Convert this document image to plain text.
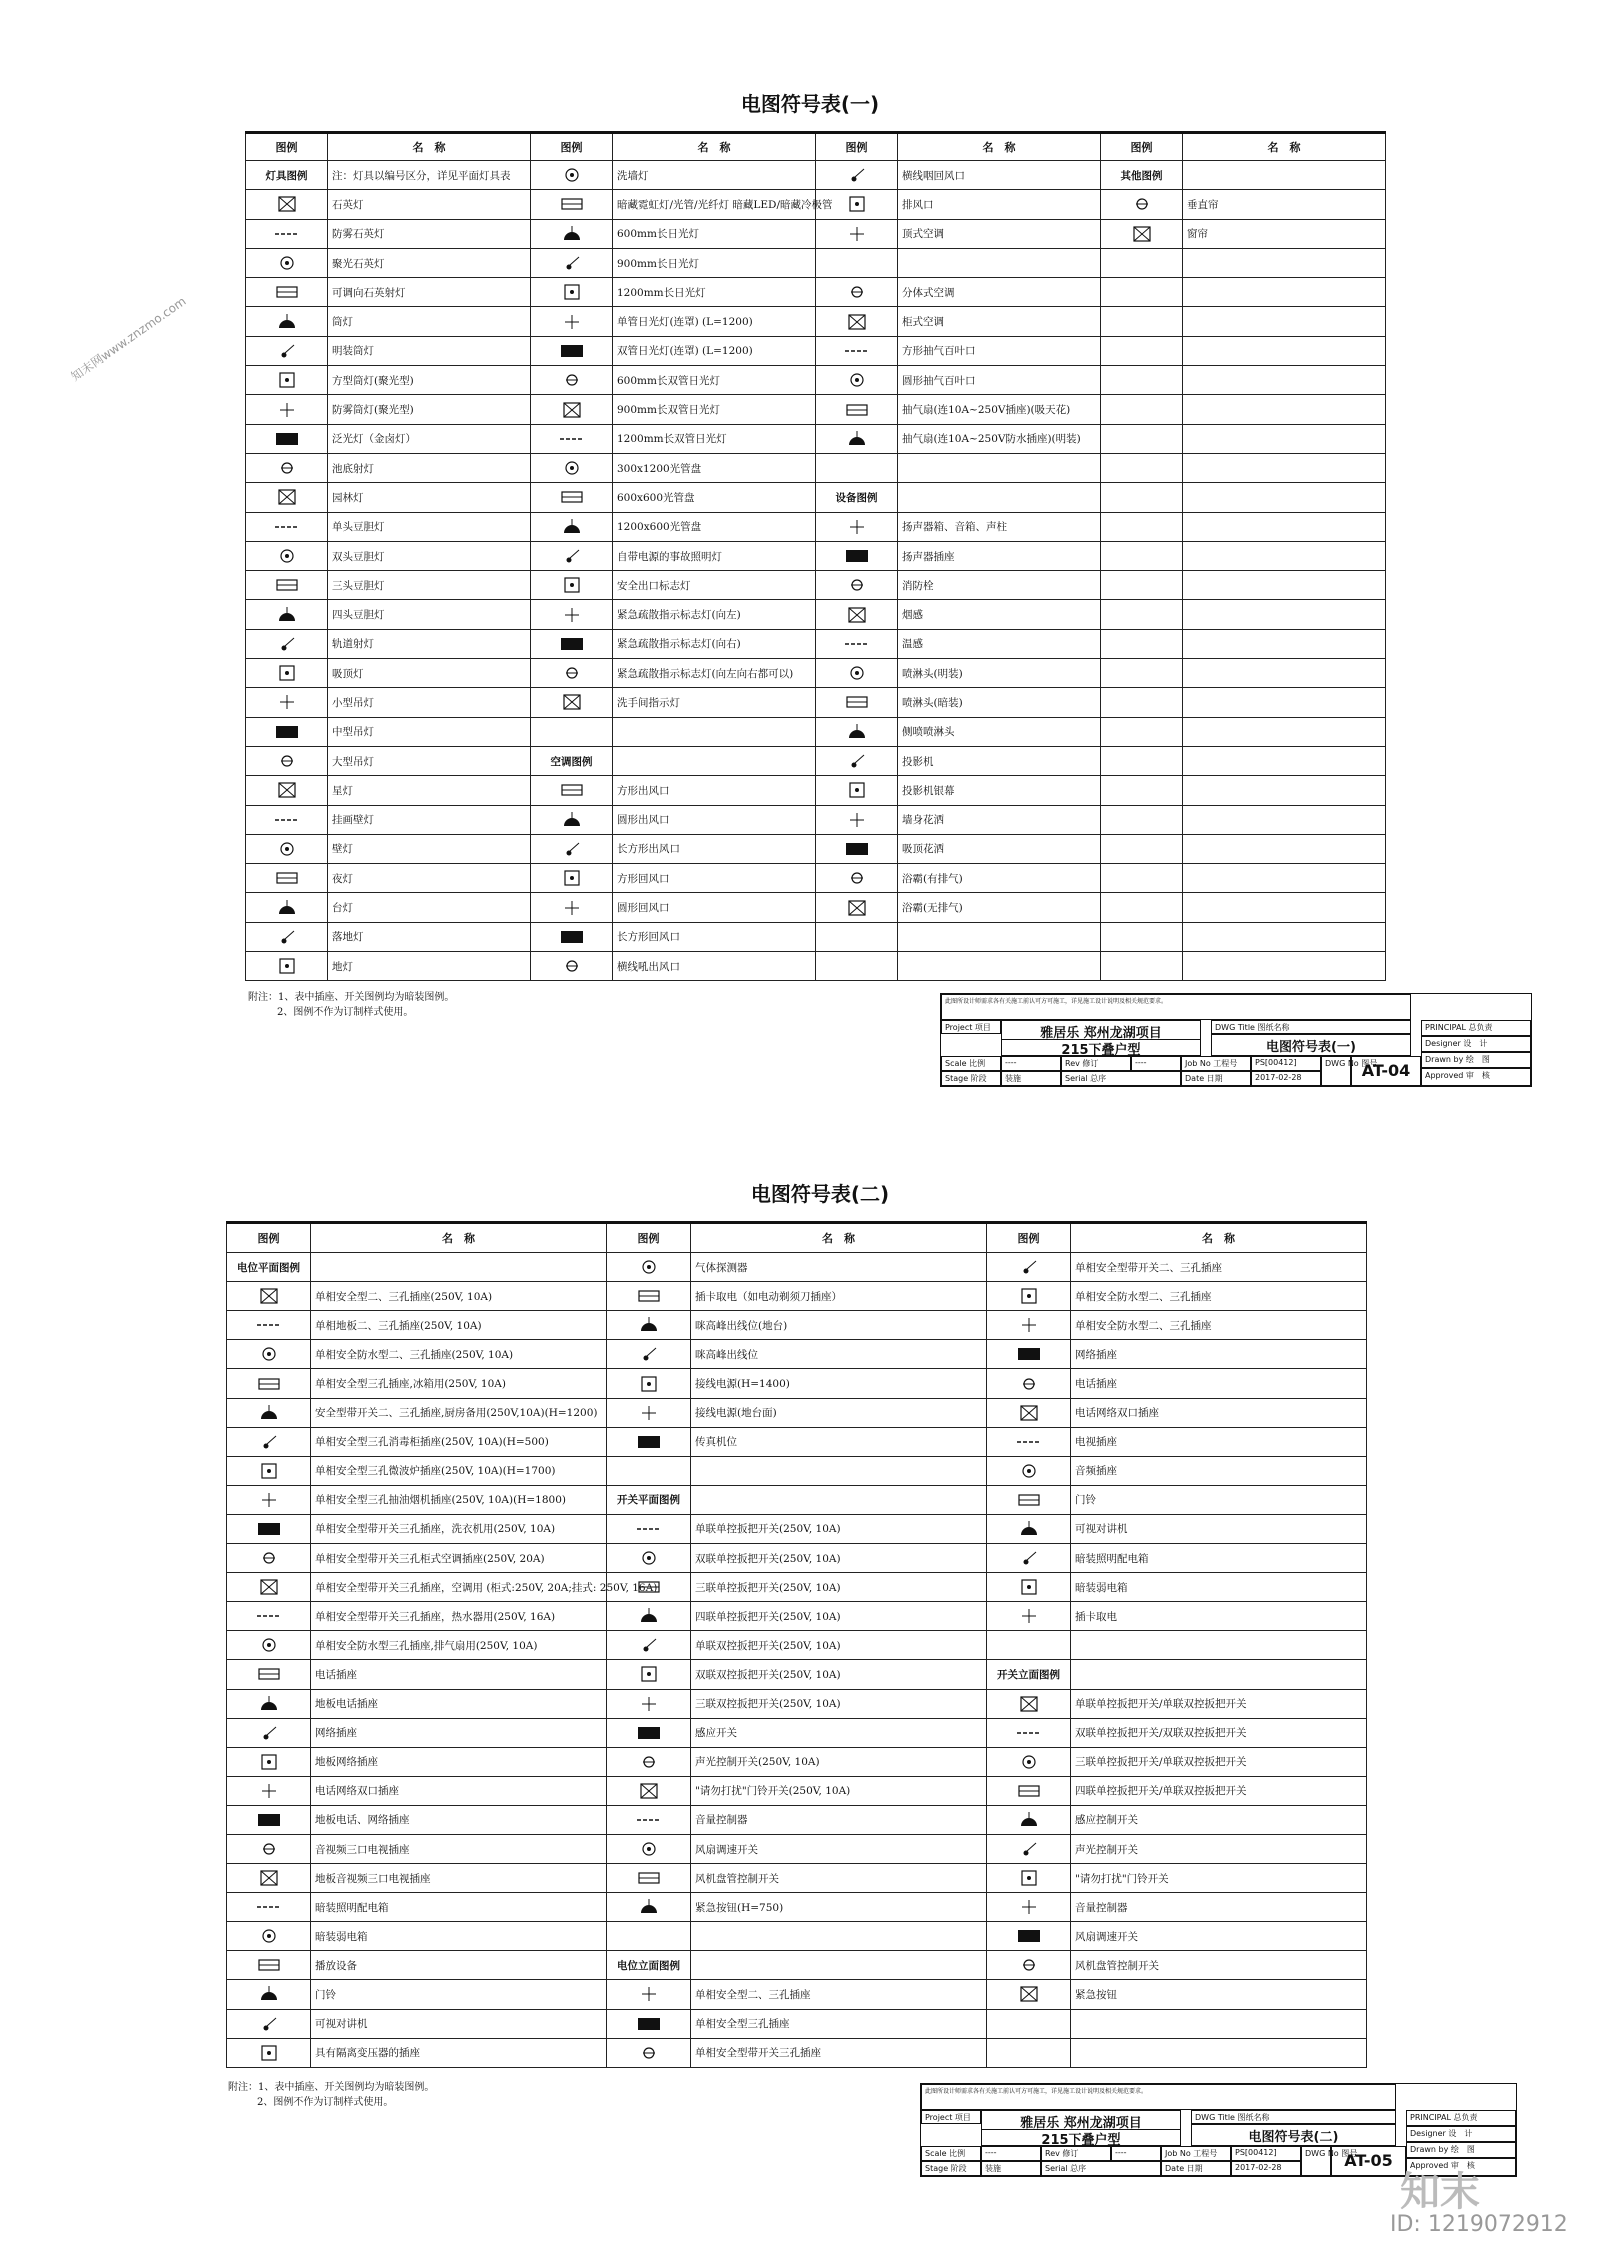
电图符号表(一)
图例	名　称	图例	名　称	图例	名　称	图例	名　称
灯具图例	注：灯具以编号区分，详见平面灯具表		洗墙灯		横线咽回风口	其他图例	

	石英灯		暗藏霓虹灯/光管/光纤灯 暗藏LED/暗藏冷极管		排风口		垂直帘

	防雾石英灯		600mm长日光灯		顶式空调		窗帘

	聚光石英灯		900mm长日光灯				

	可调向石英射灯		1200mm长日光灯		分体式空调		

	筒灯		单管日光灯(连罩) (L=1200)		柜式空调		

	明装筒灯		双管日光灯(连罩) (L=1200)		方形抽气百叶口		

	方型筒灯(聚光型)		600mm长双管日光灯		圆形抽气百叶口		

	防雾筒灯(聚光型)		900mm长双管日光灯		抽气扇(连10A~250V插座)(吸天花)		

	泛光灯（金卤灯）		1200mm长双管日光灯		抽气扇(连10A~250V防水插座)(明装)		

	池底射灯		300x1200光管盘				

	园林灯		600x600光管盘	设备图例			

	单头豆胆灯		1200x600光管盘		扬声器箱、音箱、声柱		

	双头豆胆灯		自带电源的事故照明灯		扬声器插座		

	三头豆胆灯		安全出口标志灯		消防栓		

	四头豆胆灯		紧急疏散指示标志灯(向左)		烟感		

	轨道射灯		紧急疏散指示标志灯(向右)		温感		

	吸顶灯		紧急疏散指示标志灯(向左向右都可以)		喷淋头(明装)		

	小型吊灯		洗手间指示灯		喷淋头(暗装)		

	中型吊灯				侧喷喷淋头		

	大型吊灯	空调图例			投影机		

	星灯		方形出风口		投影机银幕		

	挂画壁灯		圆形出风口		墙身花洒		

	壁灯		长方形出风口		吸顶花洒		

	夜灯		方形回风口		浴霸(有排气)		

	台灯		圆形回风口		浴霸(无排气)		

	落地灯		长方形回风口				

	地灯		横线吼出风口				
附注：1、表中插座、开关图例均为暗装图例。
2、图例不作为订制样式使用。
此图所设计师需求各有关施工前认可方可施工，详见施工设计说明及相关规范要求。
Project 项目	雅居乐 郑州龙湖项目
215下叠户型
DWG Title 图纸名称
电图符号表(一)
PRINCIPAL 总负责
Designer 设　计
Drawn by 绘　图
Approved 审　核
Scale 比例	----	Rev 修订	----	Job No 工程号	PS[00412]	DWG No 图号
AT-04
Stage 阶段	装施	Serial 总序	Date 日期	2017-02-28
电图符号表(二)
图例	名　称	图例	名　称	图例	名　称
电位平面图例			气体探测器		单相安全型带开关二、三孔插座

	单相安全型二、三孔插座(250V, 10A)		插卡取电（如电动剃须刀插座）		单相安全防水型二、三孔插座

	单相地板二、三孔插座(250V, 10A)		咪高峰出线位(地台)		单相安全防水型二、三孔插座

	单相安全防水型二、三孔插座(250V, 10A)		咪高峰出线位		网络插座

	单相安全型三孔插座,冰箱用(250V, 10A)		接线电源(H=1400)		电话插座

	安全型带开关二、三孔插座,厨房备用(250V,10A)(H=1200)		接线电源(地台面)		电话网络双口插座

	单相安全型三孔消毒柜插座(250V, 10A)(H=500)		传真机位		电视插座

	单相安全型三孔微波炉插座(250V, 10A)(H=1700)				音频插座

	单相安全型三孔抽油烟机插座(250V, 10A)(H=1800)	开关平面图例			门铃

	单相安全型带开关三孔插座，洗衣机用(250V, 10A)		单联单控扳把开关(250V, 10A)		可视对讲机

	单相安全型带开关三孔柜式空调插座(250V, 20A)		双联单控扳把开关(250V, 10A)		暗装照明配电箱

	单相安全型带开关三孔插座，空调用 (柜式:250V, 20A;挂式: 250V, 16A)		三联单控扳把开关(250V, 10A)		暗装弱电箱

	单相安全型带开关三孔插座，热水器用(250V, 16A)		四联单控扳把开关(250V, 10A)		插卡取电

	单相安全防水型三孔插座,排气扇用(250V, 10A)		单联双控扳把开关(250V, 10A)		

	电话插座		双联双控扳把开关(250V, 10A)	开关立面图例	

	地板电话插座		三联双控扳把开关(250V, 10A)		单联单控扳把开关/单联双控扳把开关

	网络插座		感应开关		双联单控扳把开关/双联双控扳把开关

	地板网络插座		声光控制开关(250V, 10A)		三联单控扳把开关/单联双控扳把开关

	电话网络双口插座		"请勿打扰"门铃开关(250V, 10A)		四联单控扳把开关/单联双控扳把开关

	地板电话、网络插座		音量控制器		感应控制开关

	音视频三口电视插座		风扇调速开关		声光控制开关

	地板音视频三口电视插座		风机盘管控制开关		"请勿打扰"门铃开关

	暗装照明配电箱		紧急按钮(H=750)		音量控制器

	暗装弱电箱				风扇调速开关

	播放设备	电位立面图例			风机盘管控制开关

	门铃		单相安全型二、三孔插座		紧急按钮

	可视对讲机		单相安全型三孔插座		

	具有隔离变压器的插座		单相安全型带开关三孔插座		
附注：1、表中插座、开关图例均为暗装图例。
2、图例不作为订制样式使用。
此图所设计师需求各有关施工前认可方可施工，详见施工设计说明及相关规范要求。
Project 项目	雅居乐 郑州龙湖项目
215下叠户型
DWG Title 图纸名称
电图符号表(二)
PRINCIPAL 总负责
Designer 设　计
Drawn by 绘　图
Approved 审　核
Scale 比例	----	Rev 修订	----	Job No 工程号	PS[00412]	DWG No 图号
AT-05
Stage 阶段	装施	Serial 总序	Date 日期	2017-02-28
知末网www.znzmo.com
知末
ID: 1219072912
